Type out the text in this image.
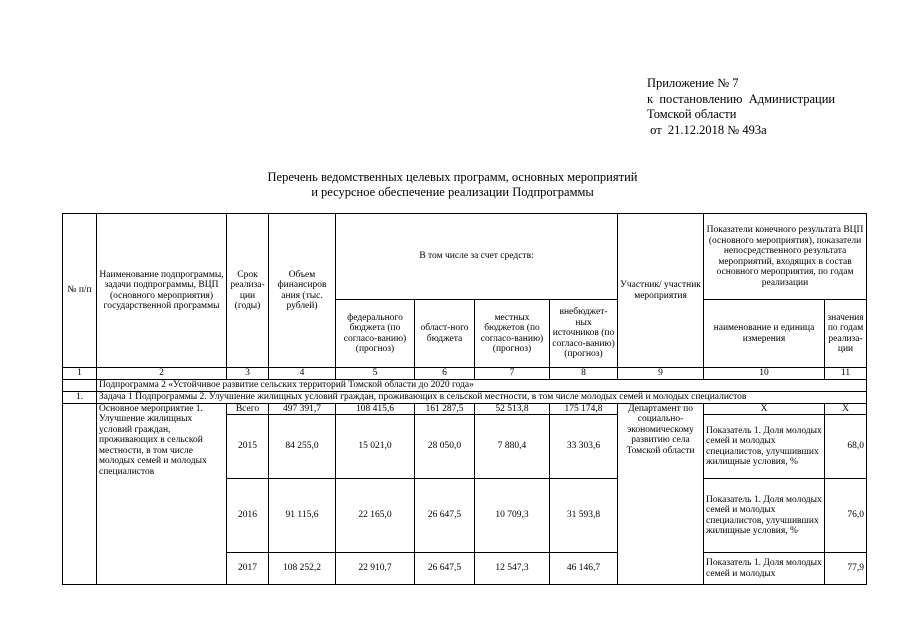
Приложение № 7
к  постановлению  Администрации
Томской области
от  21.12.2018 № 493а
Перечень ведомственных целевых программ, основных мероприятий
и ресурсное обеспечение реализации Подпрограммы
№ п/п	Наименование подпрограммы, задачи подпрограммы, ВЦП (основного мероприятия) государственной программы	Срок реализа-ции (годы)	Объем финансиров ания (тыс. рублей)	В том числе за счет средств:				Участник/ участник мероприятия	Показатели конечного результата ВЦП (основного мероприятия), показатели непосредственного результата мероприятий, входящих в состав основного мероприятия, по годам реализации	
				федерального бюджета (по согласо-ванию) (прогноз)	област-ного бюджета	местных бюджетов (по согласо-ванию) (прогноз)	внебюджет-ных источников (по согласо-ванию) (прогноз)		наименование и единица измерения	значения по годам реализа-ции
1	2	3	4	5	6	7	8	9	10	11
	Подпрограмма 2 «Устойчивое развитие сельских территорий Томской области до 2020 года»									
1.	Задача 1 Подпрограммы 2. Улучшение жилищных условий граждан, проживающих в сельской местности, в том числе молодых семей и молодых специалистов									
	Основное мероприятие 1. Улучшение жилищных условий граждан, проживающих в сельской местности, в том числе молодых семей и молодых специалистов	Всего	497 391,7	108 415,6	161 287,5	52 513,8	175 174,8	Департамент по социально-экономическому развитию села Томской области	Х	Х
		2015	84 255,0	15 021,0	28 050,0	7 880,4	33 303,6		Показатель 1. Доля молодых семей и молодых специалистов, улучшивших жилищные условия, %	68,0
		2016	91 115,6	22 165,0	26 647,5	10 709,3	31 593,8		Показатель 1. Доля молодых семей и молодых специалистов, улучшивших жилищные условия, %	76,0
		2017	108 252,2	22 910,7	26 647,5	12 547,3	46 146,7		Показатель 1. Доля молодых семей и молодых	77,9
